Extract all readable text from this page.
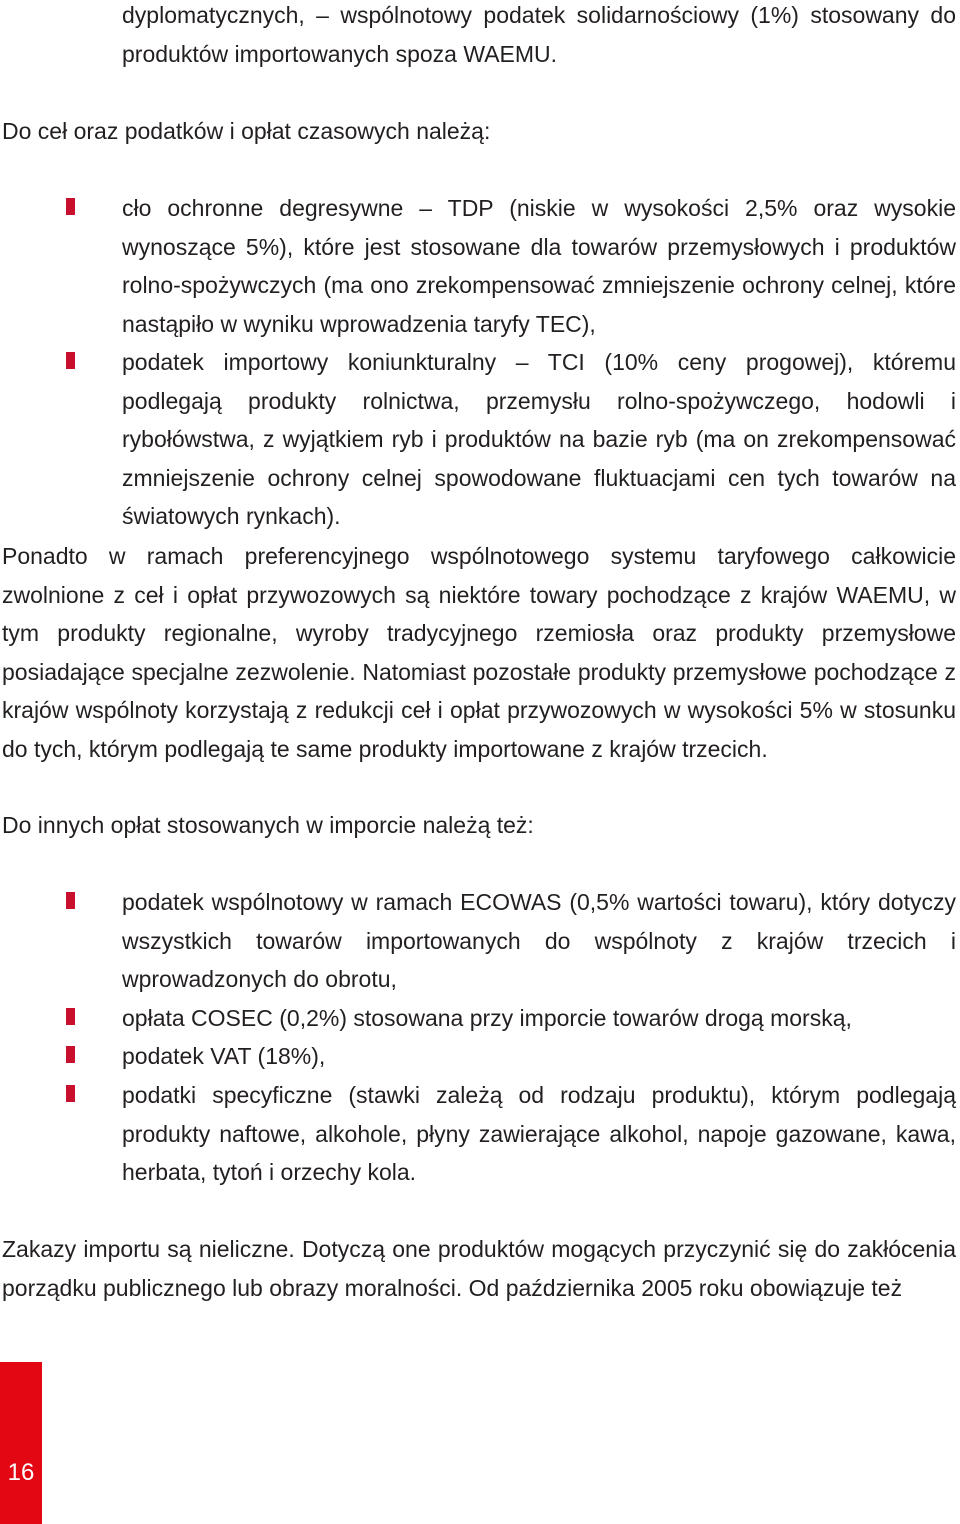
dyplomatycznych, – wspólnotowy podatek solidarnościowy (1%) stosowany do produktów importowanych spoza WAEMU.

Do ceł oraz podatków i opłat czasowych należą:

cło ochronne degresywne – TDP (niskie w wysokości 2,5% oraz wysokie wynoszące 5%), które jest stosowane dla towarów przemysłowych i produktów rolno-spożywczych (ma ono zrekompensować zmniejszenie ochrony celnej, które nastąpiło w wyniku wprowadzenia taryfy TEC),

podatek importowy koniunkturalny – TCI (10% ceny progowej), któremu podlegają produkty rolnictwa, przemysłu rolno-spożywczego, hodowli i rybołówstwa, z wyjątkiem ryb i produktów na bazie ryb (ma on zrekompensować zmniejszenie ochrony celnej spowodowane fluktuacjami cen tych towarów na światowych rynkach).

Ponadto w ramach preferencyjnego wspólnotowego systemu taryfowego całkowicie zwolnione z ceł i opłat przywozowych są niektóre towary pochodzące z krajów WAEMU, w tym produkty regionalne, wyroby tradycyjnego rzemiosła oraz produkty przemysłowe posiadające specjalne zezwolenie. Natomiast pozostałe produkty przemysłowe pochodzące z krajów wspólnoty korzystają z redukcji ceł i opłat przywozowych w wysokości 5% w stosunku do tych, którym podlegają te same produkty importowane z krajów trzecich.

Do innych opłat stosowanych w imporcie należą też:

podatek wspólnotowy w ramach ECOWAS (0,5% wartości towaru), który dotyczy wszystkich towarów importowanych do wspólnoty z krajów trzecich i wprowadzonych do obrotu,

opłata COSEC (0,2%) stosowana przy imporcie towarów drogą morską,

podatek VAT (18%),

podatki specyficzne (stawki zależą od rodzaju produktu), którym podlegają produkty naftowe, alkohole, płyny zawierające alkohol, napoje gazowane, kawa, herbata, tytoń i orzechy kola.

Zakazy importu są nieliczne. Dotyczą one produktów mogących przyczynić się do zakłócenia porządku publicznego lub obrazy moralności. Od października 2005 roku obowiązuje też

16
